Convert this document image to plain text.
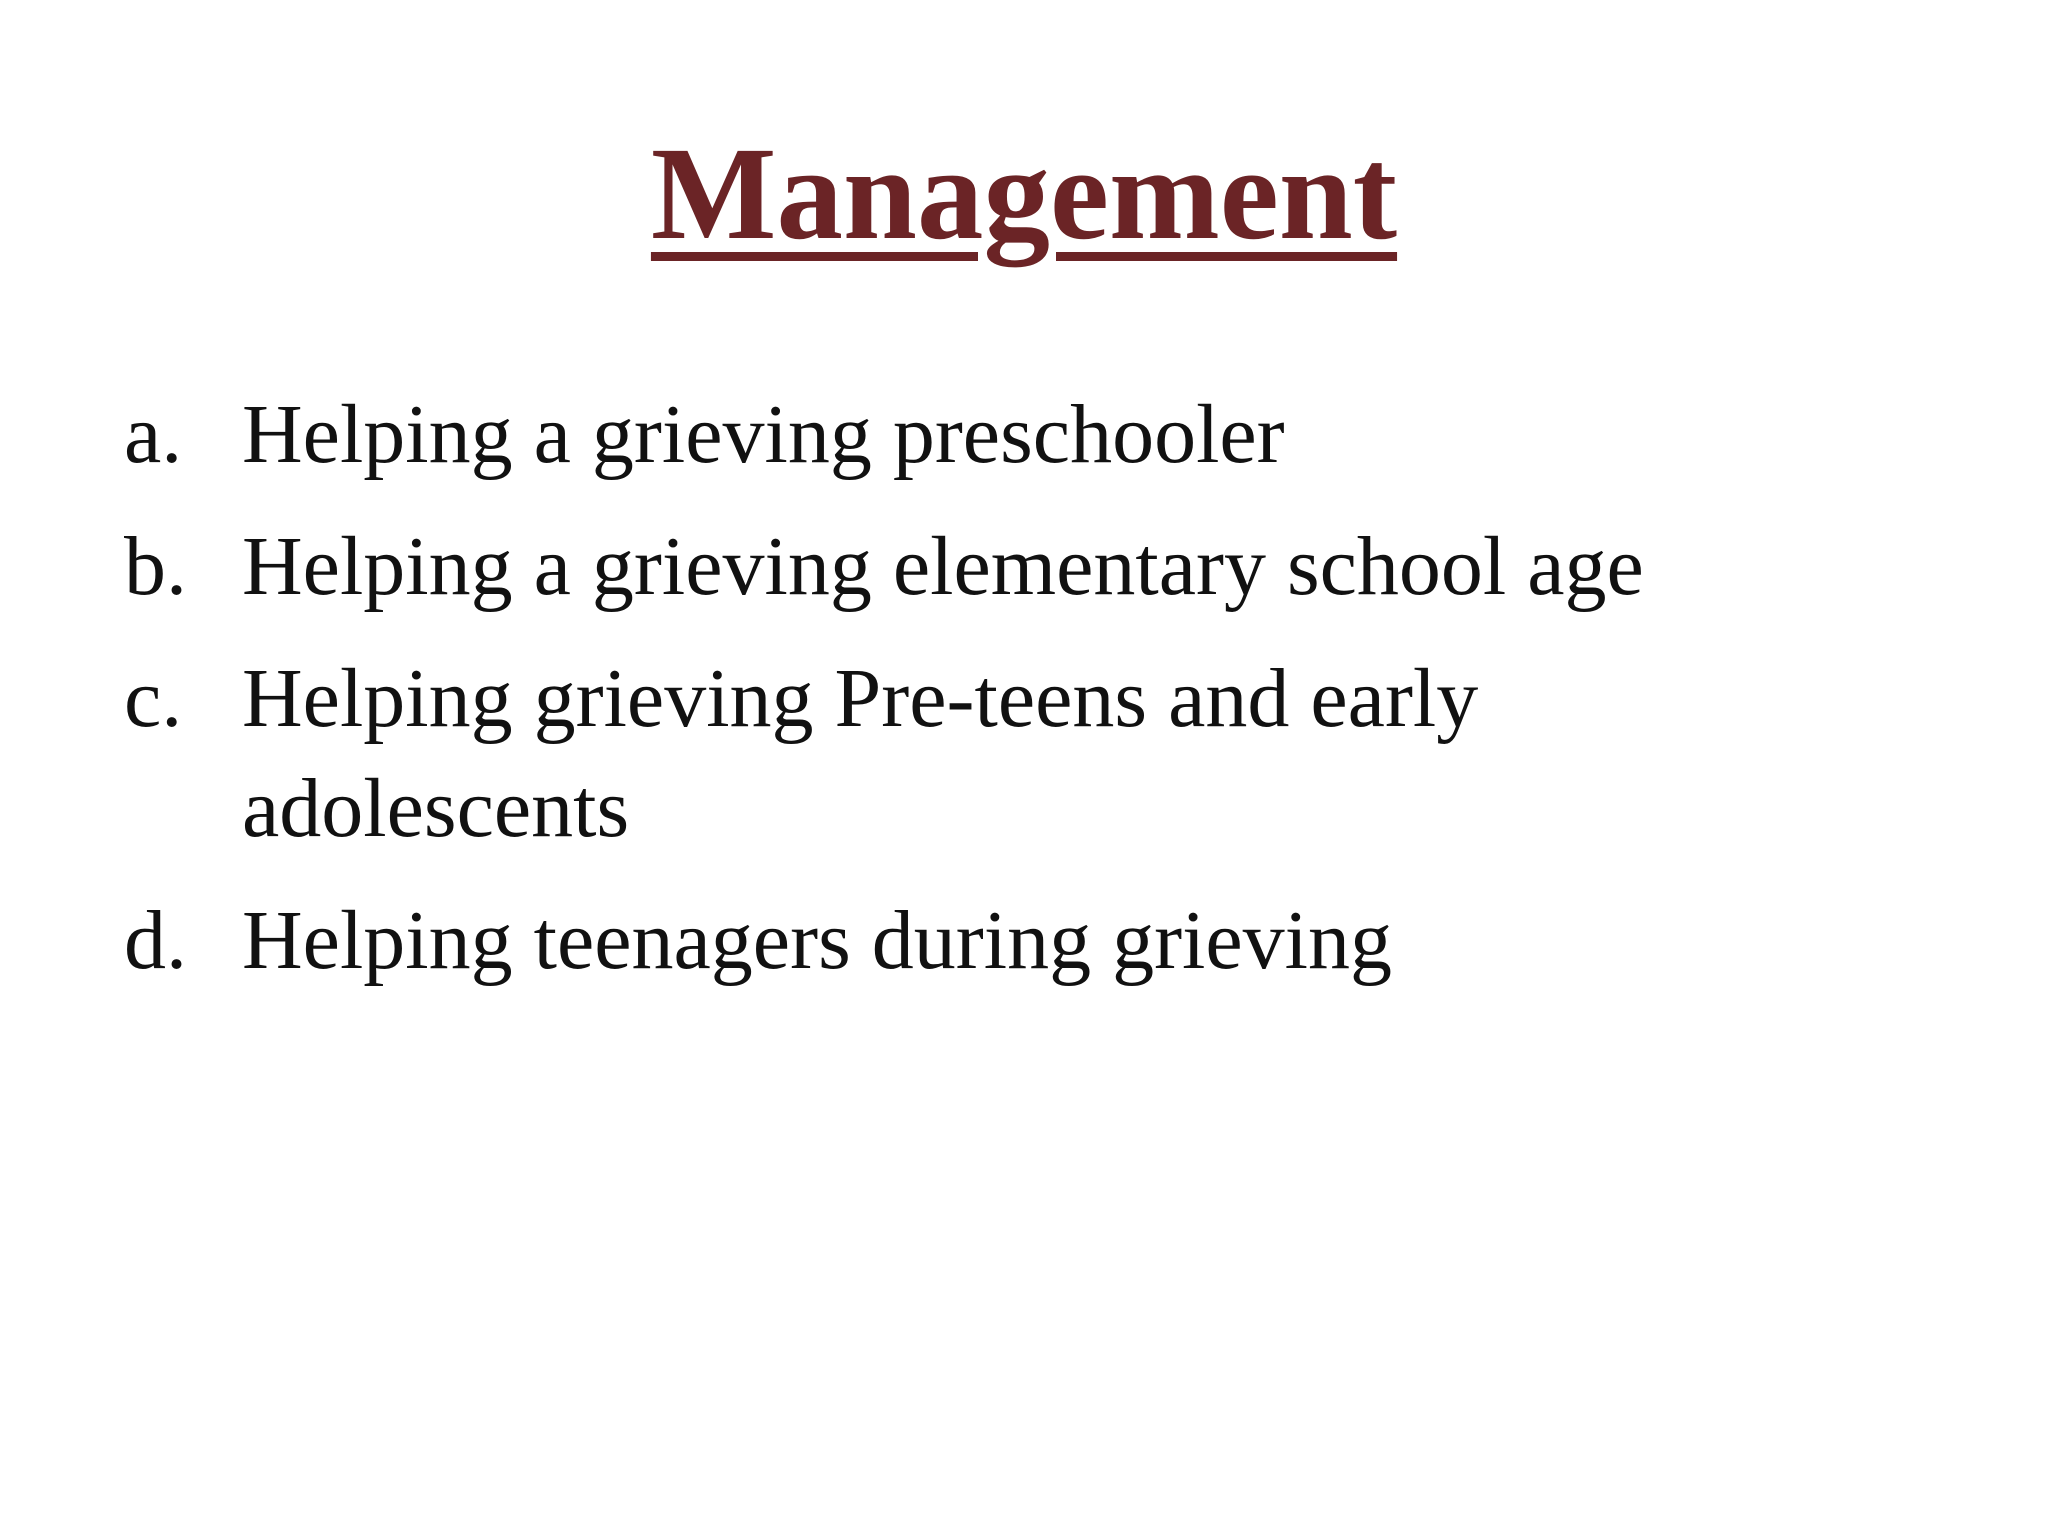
Management
a. Helping a grieving preschooler
b. Helping a grieving elementary school age
c. Helping grieving Pre-teens and early adolescents
d. Helping teenagers during grieving
